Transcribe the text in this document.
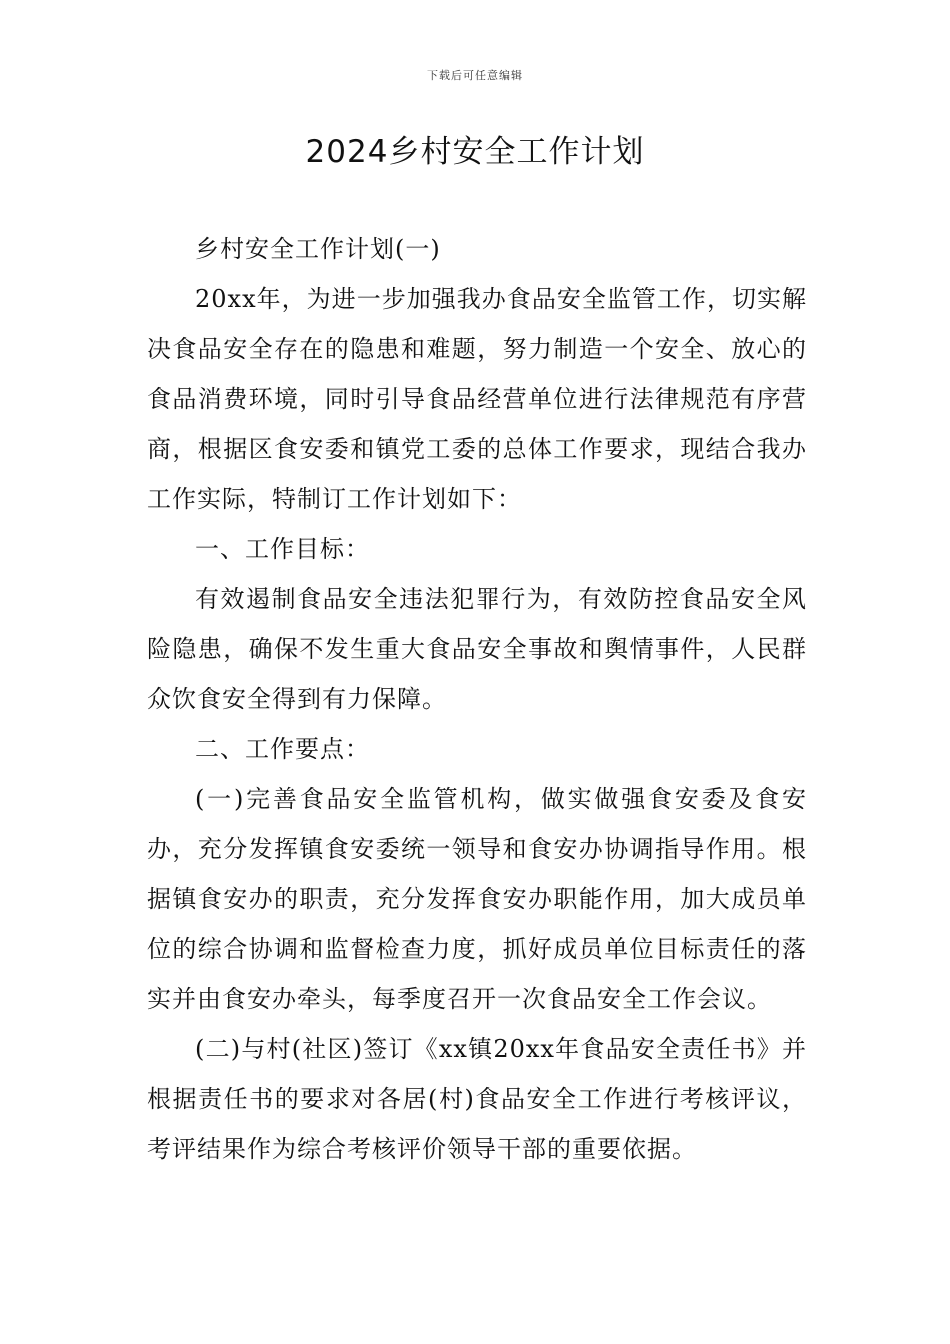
下载后可任意编辑
2024乡村安全工作计划

乡村安全工作计划(一)

20xx年，为进一步加强我办食品安全监管工作，切实解决食品安全存在的隐患和难题，努力制造一个安全、放心的食品消费环境，同时引导食品经营单位进行法律规范有序营商，根据区食安委和镇党工委的总体工作要求，现结合我办工作实际，特制订工作计划如下：

一、工作目标：

有效遏制食品安全违法犯罪行为，有效防控食品安全风险隐患，确保不发生重大食品安全事故和舆情事件，人民群众饮食安全得到有力保障。

二、工作要点：

(一)完善食品安全监管机构，做实做强食安委及食安办，充分发挥镇食安委统一领导和食安办协调指导作用。根据镇食安办的职责，充分发挥食安办职能作用，加大成员单位的综合协调和监督检查力度，抓好成员单位目标责任的落实并由食安办牵头，每季度召开一次食品安全工作会议。

(二)与村(社区)签订《xx镇20xx年食品安全责任书》并根据责任书的要求对各居(村)食品安全工作进行考核评议，考评结果作为综合考核评价领导干部的重要依据。
